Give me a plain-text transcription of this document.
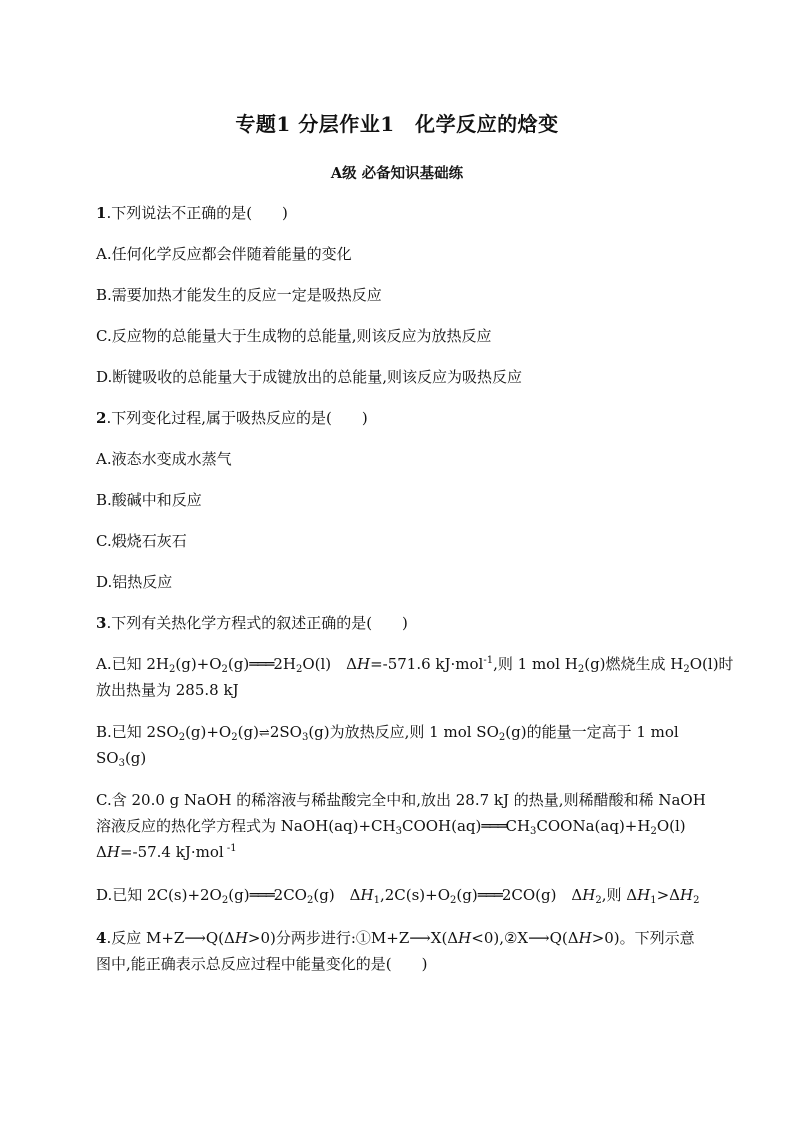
专题1 分层作业1　化学反应的焓变
A级 必备知识基础练
1.下列说法不正确的是(　　)
A.任何化学反应都会伴随着能量的变化
B.需要加热才能发生的反应一定是吸热反应
C.反应物的总能量大于生成物的总能量,则该反应为放热反应
D.断键吸收的总能量大于成键放出的总能量,则该反应为吸热反应
2.下列变化过程,属于吸热反应的是(　　)
A.液态水变成水蒸气
B.酸碱中和反应
C.煅烧石灰石
D.铝热反应
3.下列有关热化学方程式的叙述正确的是(　　)
A.已知 $2H_2(g)+O_2(g)═══2H_2O(l)$　ΔH=-571.6 kJ·mol$^{-1}$,则 1 mol $H_2(g)$燃烧生成 $H_2O(l)$时
放出热量为 285.8 kJ
B.已知 $2SO_2(g)+O_2(g)\rightleftharpoons 2SO_3(g)$为放热反应,则 1 mol $SO_2(g)$的能量一定高于 1 mol
$SO_3(g)$
C.含 20.0 g NaOH 的稀溶液与稀盐酸完全中和,放出 28.7 kJ 的热量,则稀醋酸和稀 NaOH
溶液反应的热化学方程式为 $NaOH(aq)+CH_3COOH(aq)═══CH_3COONa(aq)+H_2O(l)$
ΔH=-57.4 kJ·mol $^{-1}$
D.已知 $2C(s)+2O_2(g)═══2CO_2(g)$　$\Delta H_1,2C(s)+O_2(g)═══2CO(g)$　$\Delta H_2$,则 $\Delta H_1>\Delta H_2$
4.反应 M+Z⟶Q(ΔH>0)分两步进行:①M+Z⟶X(ΔH<0),②X⟶Q(ΔH>0)。下列示意
图中,能正确表示总反应过程中能量变化的是(　　)
